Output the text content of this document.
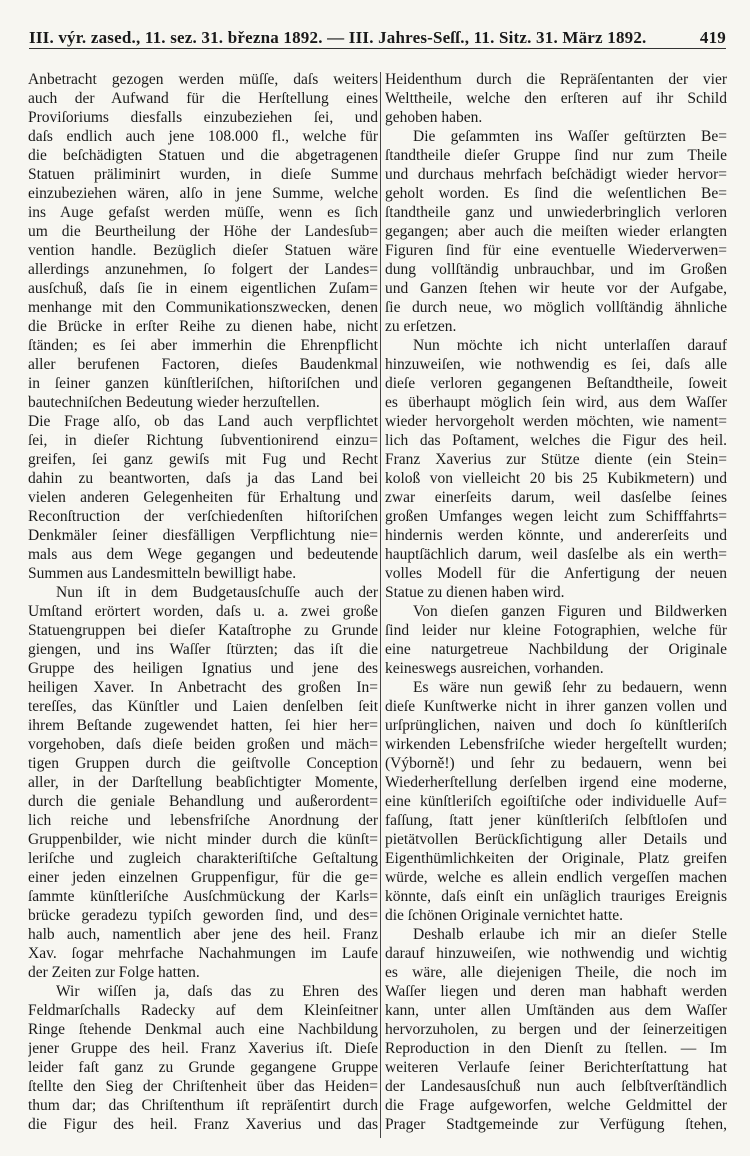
III. výr. zased., 11. sez. 31. března 1892. — III. Jahres-Seſſ., 11. Sitz. 31. März 1892.	419
Anbetracht gezogen werden müſſe, daſs weiters
auch der Aufwand für die Herſtellung eines
Proviſoriums diesfalls einzubeziehen ſei, und
daſs endlich auch jene 108.000 fl., welche für
die beſchädigten Statuen und die abgetragenen
Statuen präliminirt wurden, in dieſe Summe
einzubeziehen wären, alſo in jene Summe, welche
ins Auge gefaſst werden müſſe, wenn es ſich
um die Beurtheilung der Höhe der Landesſub=
vention handle. Bezüglich dieſer Statuen wäre
allerdings anzunehmen, ſo folgert der Landes=
ausſchuß, daſs ſie in einem eigentlichen Zuſam=
menhange mit den Communikationszwecken, denen
die Brücke in erſter Reihe zu dienen habe, nicht
ſtänden; es ſei aber immerhin die Ehrenpflicht
aller berufenen Factoren, dieſes Baudenkmal
in ſeiner ganzen künſtleriſchen, hiſtoriſchen und
bautechniſchen Bedeutung wieder herzuſtellen.
Die Frage alſo, ob das Land auch verpflichtet
ſei, in dieſer Richtung ſubventionirend einzu=
greifen, ſei ganz gewiſs mit Fug und Recht
dahin zu beantworten, daſs ja das Land bei
vielen anderen Gelegenheiten für Erhaltung und
Reconſtruction der verſchiedenſten hiſtoriſchen
Denkmäler ſeiner diesfälligen Verpflichtung nie=
mals aus dem Wege gegangen und bedeutende
Summen aus Landesmitteln bewilligt habe.
Nun iſt in dem Budgetausſchuſſe auch der
Umſtand erörtert worden, daſs u. a. zwei große
Statuengruppen bei dieſer Kataſtrophe zu Grunde
giengen, und ins Waſſer ſtürzten; das iſt die
Gruppe des heiligen Ignatius und jene des
heiligen Xaver. In Anbetracht des großen In=
tereſſes, das Künſtler und Laien denſelben ſeit
ihrem Beſtande zugewendet hatten, ſei hier her=
vorgehoben, daſs dieſe beiden großen und mäch=
tigen Gruppen durch die geiſtvolle Conception
aller, in der Darſtellung beabſichtigter Momente,
durch die geniale Behandlung und außerordent=
lich reiche und lebensfriſche Anordnung der
Gruppenbilder, wie nicht minder durch die künſt=
leriſche und zugleich charakteriſtiſche Geſtaltung
einer jeden einzelnen Gruppenfigur, für die ge=
ſammte künſtleriſche Ausſchmückung der Karls=
brücke geradezu typiſch geworden ſind, und des=
halb auch, namentlich aber jene des heil. Franz
Xav. ſogar mehrfache Nachahmungen im Laufe
der Zeiten zur Folge hatten.
Wir wiſſen ja, daſs das zu Ehren des
Feldmarſchalls Radecky auf dem Kleinſeitner
Ringe ſtehende Denkmal auch eine Nachbildung
jener Gruppe des heil. Franz Xaverius iſt. Dieſe
leider faſt ganz zu Grunde gegangene Gruppe
ſtellte den Sieg der Chriſtenheit über das Heiden=
thum dar; das Chriſtenthum iſt repräſentirt durch
die Figur des heil. Franz Xaverius und das
Heidenthum durch die Repräſentanten der vier
Welttheile, welche den erſteren auf ihr Schild
gehoben haben.
Die geſammten ins Waſſer geſtürzten Be=
ſtandtheile dieſer Gruppe ſind nur zum Theile
und durchaus mehrfach beſchädigt wieder hervor=
geholt worden. Es ſind die weſentlichen Be=
ſtandtheile ganz und unwiederbringlich verloren
gegangen; aber auch die meiſten wieder erlangten
Figuren ſind für eine eventuelle Wiederverwen=
dung vollſtändig unbrauchbar, und im Großen
und Ganzen ſtehen wir heute vor der Aufgabe,
ſie durch neue, wo möglich vollſtändig ähnliche
zu erſetzen.
Nun möchte ich nicht unterlaſſen darauf
hinzuweiſen, wie nothwendig es ſei, daſs alle
dieſe verloren gegangenen Beſtandtheile, ſoweit
es überhaupt möglich ſein wird, aus dem Waſſer
wieder hervorgeholt werden möchten, wie nament=
lich das Poſtament, welches die Figur des heil.
Franz Xaverius zur Stütze diente (ein Stein=
koloß von vielleicht 20 bis 25 Kubikmetern) und
zwar einerſeits darum, weil dasſelbe ſeines
großen Umfanges wegen leicht zum Schifffahrts=
hindernis werden könnte, und andererſeits und
hauptſächlich darum, weil dasſelbe als ein werth=
volles Modell für die Anfertigung der neuen
Statue zu dienen haben wird.
Von dieſen ganzen Figuren und Bildwerken
ſind leider nur kleine Fotographien, welche für
eine naturgetreue Nachbildung der Originale
keineswegs ausreichen, vorhanden.
Es wäre nun gewiß ſehr zu bedauern, wenn
dieſe Kunſtwerke nicht in ihrer ganzen vollen und
urſprünglichen, naiven und doch ſo künſtleriſch
wirkenden Lebensfriſche wieder hergeſtellt wurden;
(Výborně!) und ſehr zu bedauern, wenn bei
Wiederherſtellung derſelben irgend eine moderne,
eine künſtleriſch egoiſtiſche oder individuelle Auf=
faſſung, ſtatt jener künſtleriſch ſelbſtloſen und
pietätvollen Berückſichtigung aller Details und
Eigenthümlichkeiten der Originale, Platz greifen
würde, welche es allein endlich vergeſſen machen
könnte, daſs einſt ein unſäglich trauriges Ereignis
die ſchönen Originale vernichtet hatte.
Deshalb erlaube ich mir an dieſer Stelle
darauf hinzuweiſen, wie nothwendig und wichtig
es wäre, alle diejenigen Theile, die noch im
Waſſer liegen und deren man habhaft werden
kann, unter allen Umſtänden aus dem Waſſer
hervorzuholen, zu bergen und der ſeinerzeitigen
Reproduction in den Dienſt zu ſtellen. — Im
weiteren Verlaufe ſeiner Berichterſtattung hat
der Landesausſchuß nun auch ſelbſtverſtändlich
die Frage aufgeworfen, welche Geldmittel der
Prager Stadtgemeinde zur Verfügung ſtehen,
